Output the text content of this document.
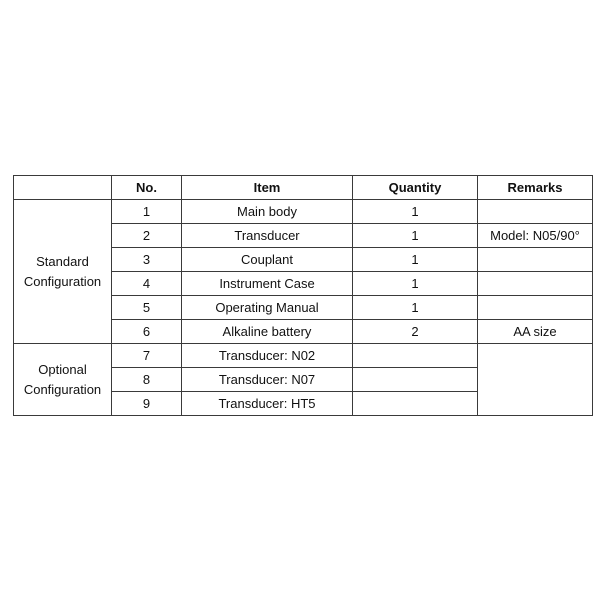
	No.	Item	Quantity	Remarks
Standard
Configuration	1	Main body	1	
	2	Transducer	1	Model: N05/90°
	3	Couplant	1	
	4	Instrument Case	1	
	5	Operating Manual	1	
	6	Alkaline battery	2	AA size
Optional
Configuration	7	Transducer: N02		
	8	Transducer: N07		
	9	Transducer: HT5		
